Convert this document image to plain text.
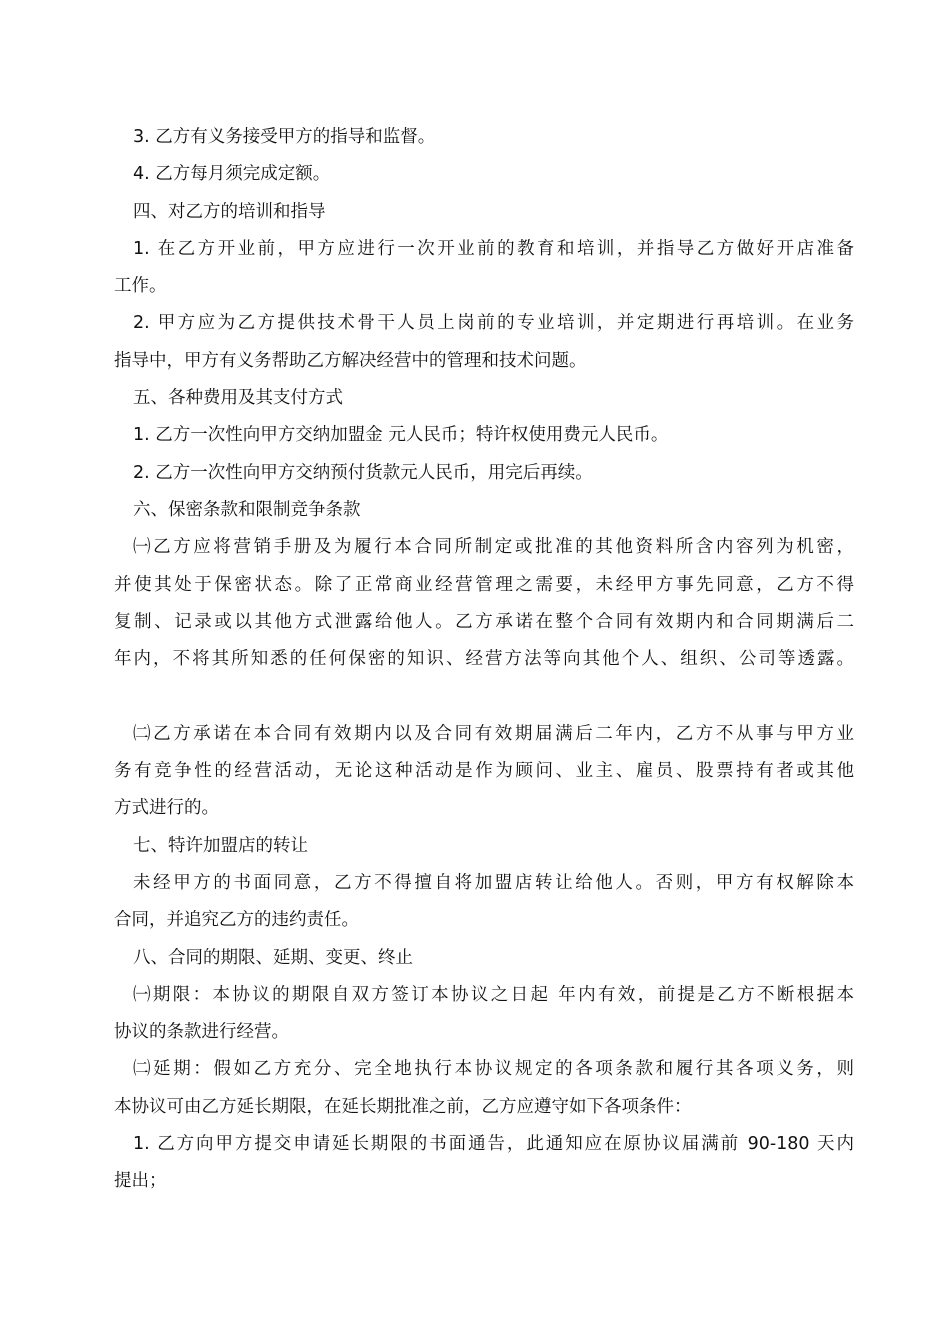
3. 乙方有义务接受甲方的指导和监督。
4. 乙方每月须完成定额。
四、对乙方的培训和指导
1. 在乙方开业前，甲方应进行一次开业前的教育和培训，并指导乙方做好开店准备
工作。
2. 甲方应为乙方提供技术骨干人员上岗前的专业培训，并定期进行再培训。在业务
指导中，甲方有义务帮助乙方解决经营中的管理和技术问题。
五、各种费用及其支付方式
1. 乙方一次性向甲方交纳加盟金 元人民币；特许权使用费元人民币。
2. 乙方一次性向甲方交纳预付货款元人民币，用完后再续。
六、保密条款和限制竞争条款
㈠乙方应将营销手册及为履行本合同所制定或批准的其他资料所含内容列为机密，
并使其处于保密状态。除了正常商业经营管理之需要，未经甲方事先同意，乙方不得
复制、记录或以其他方式泄露给他人。乙方承诺在整个合同有效期内和合同期满后二
年内，不将其所知悉的任何保密的知识、经营方法等向其他个人、组织、公司等透露。
㈡乙方承诺在本合同有效期内以及合同有效期届满后二年内，乙方不从事与甲方业
务有竞争性的经营活动，无论这种活动是作为顾问、业主、雇员、股票持有者或其他
方式进行的。
七、特许加盟店的转让
未经甲方的书面同意，乙方不得擅自将加盟店转让给他人。否则，甲方有权解除本
合同，并追究乙方的违约责任。
八、合同的期限、延期、变更、终止
㈠期限：本协议的期限自双方签订本协议之日起 年内有效，前提是乙方不断根据本
协议的条款进行经营。
㈡延期：假如乙方充分、完全地执行本协议规定的各项条款和履行其各项义务，则
本协议可由乙方延长期限，在延长期批准之前，乙方应遵守如下各项条件：
1. 乙方向甲方提交申请延长期限的书面通告，此通知应在原协议届满前 90-180 天内
提出；
